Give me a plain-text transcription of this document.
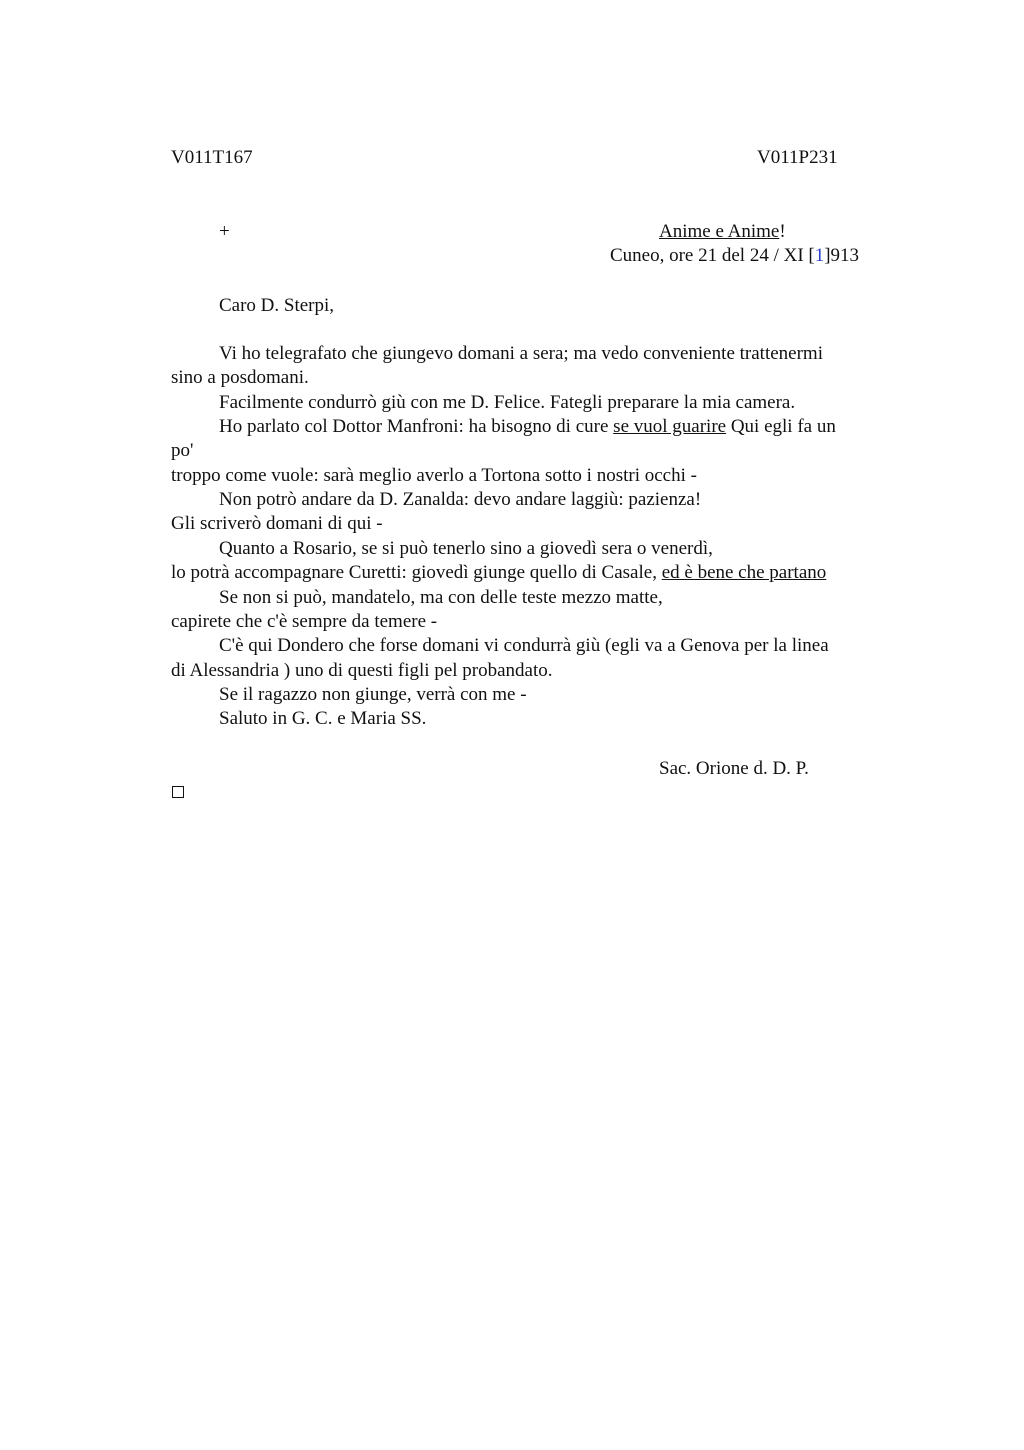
V011T167	V011P231
+	Anime e Anime!
Cuneo, ore 21 del 24 / XI [1]913
Caro D. Sterpi,
Vi ho telegrafato che giungevo domani a sera; ma vedo conveniente trattenermi
sino a posdomani.
Facilmente condurrò giù con me D. Felice. Fategli preparare la mia camera.
Ho parlato col Dottor Manfroni: ha bisogno di cure se vuol guarire Qui egli fa un
po'
troppo come vuole: sarà meglio averlo a Tortona sotto i nostri occhi -
Non potrò andare da D. Zanalda: devo andare laggiù: pazienza!
Gli scriverò domani di qui -
Quanto a Rosario, se si può tenerlo sino a giovedì sera o venerdì,
lo potrà accompagnare Curetti: giovedì giunge quello di Casale, ed è bene che partano
Se non si può, mandatelo, ma con delle teste mezzo matte,
capirete che c'è sempre da temere -
C'è qui Dondero che forse domani vi condurrà giù (egli va a Genova per la linea
di Alessandria ) uno di questi figli pel probandato.
Se il ragazzo non giunge, verrà con me -
Saluto in G. C. e Maria SS.
Sac. Orione d. D. P.
